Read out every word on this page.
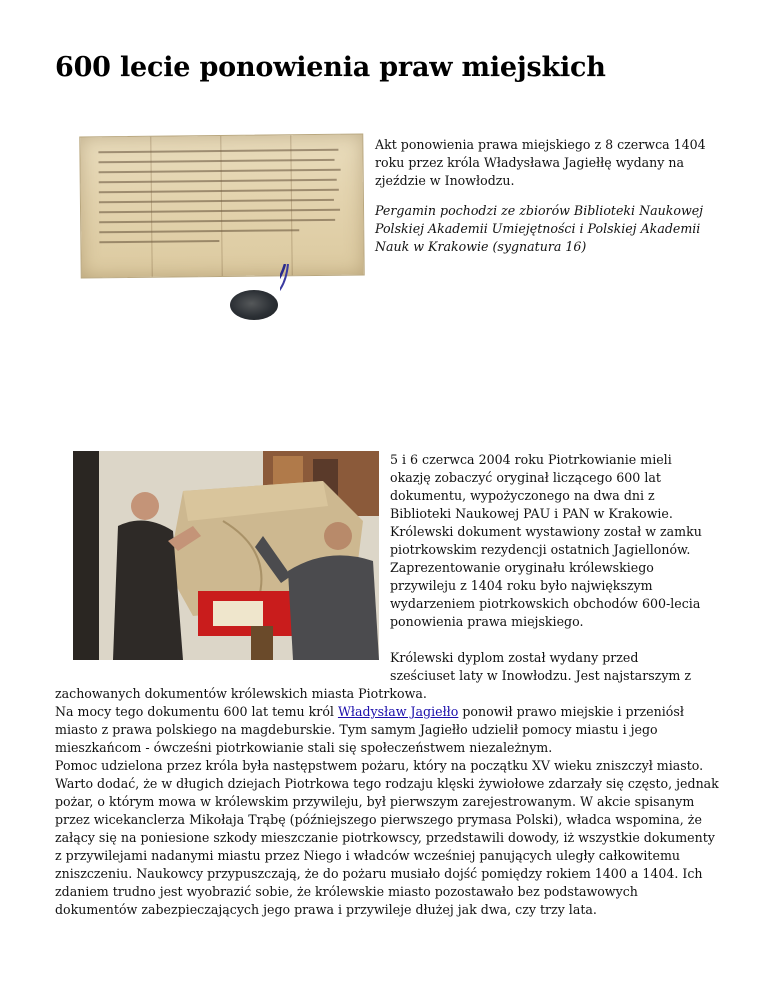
600 lecie ponowienia praw miejskich
Akt ponowienia prawa miejskiego z 8 czerwca 1404 roku przez króla Władysława Jagiełłę wydany na zjeździe w Inowłodzu.
Pergamin pochodzi ze zbiorów Biblioteki Naukowej Polskiej Akademii Umiejętności i Polskiej Akademii Nauk w Krakowie (sygnatura 16)

5 i 6 czerwca 2004 roku Piotrkowianie mieli okazję zobaczyć oryginał liczącego 600 lat dokumentu, wypożyczonego na dwa dni z Biblioteki Naukowej PAU i PAN w Krakowie. Królewski dokument wystawiony został w zamku piotrkowskim rezydencji ostatnich Jagiellonów. Zaprezentowanie oryginału królewskiego przywileju z 1404 roku było największym wydarzeniem piotrkowskich obchodów 600-lecia ponowienia prawa miejskiego.

Królewski dyplom został wydany przed

sześciuset laty w Inowłodzu. Jest najstarszym z

zachowanych dokumentów królewskich miasta Piotrkowa.

Na mocy tego dokumentu 600 lat temu król Władysław Jagiełło ponowił prawo miejskie i przeniósł miasto z prawa polskiego na magdeburskie. Tym samym Jagiełło udzielił pomocy miastu i jego mieszkańcom - ówcześni piotrkowianie stali się społeczeństwem niezależnym.

Pomoc udzielona przez króla była następstwem pożaru, który na początku XV wieku zniszczył miasto. Warto dodać, że w długich dziejach Piotrkowa tego rodzaju klęski żywiołowe zdarzały się często, jednak pożar, o którym mowa w królewskim przywileju, był pierwszym zarejestrowanym. W akcie spisanym przez wicekanclerza Mikołaja Trąbę (późniejszego pierwszego prymasa Polski), władca wspomina, że załący się na poniesione szkody mieszczanie piotrkowscy, przedstawili dowody, iż wszystkie dokumenty z przywilejami nadanymi miastu przez Niego i władców wcześniej panujących uległy całkowitemu zniszczeniu. Naukowcy przypuszczają, że do pożaru musiało dojść pomiędzy rokiem 1400 a 1404. Ich zdaniem trudno jest wyobrazić sobie, że królewskie miasto pozostawało bez podstawowych dokumentów zabezpieczających jego prawa i przywileje dłużej jak dwa, czy trzy lata.
